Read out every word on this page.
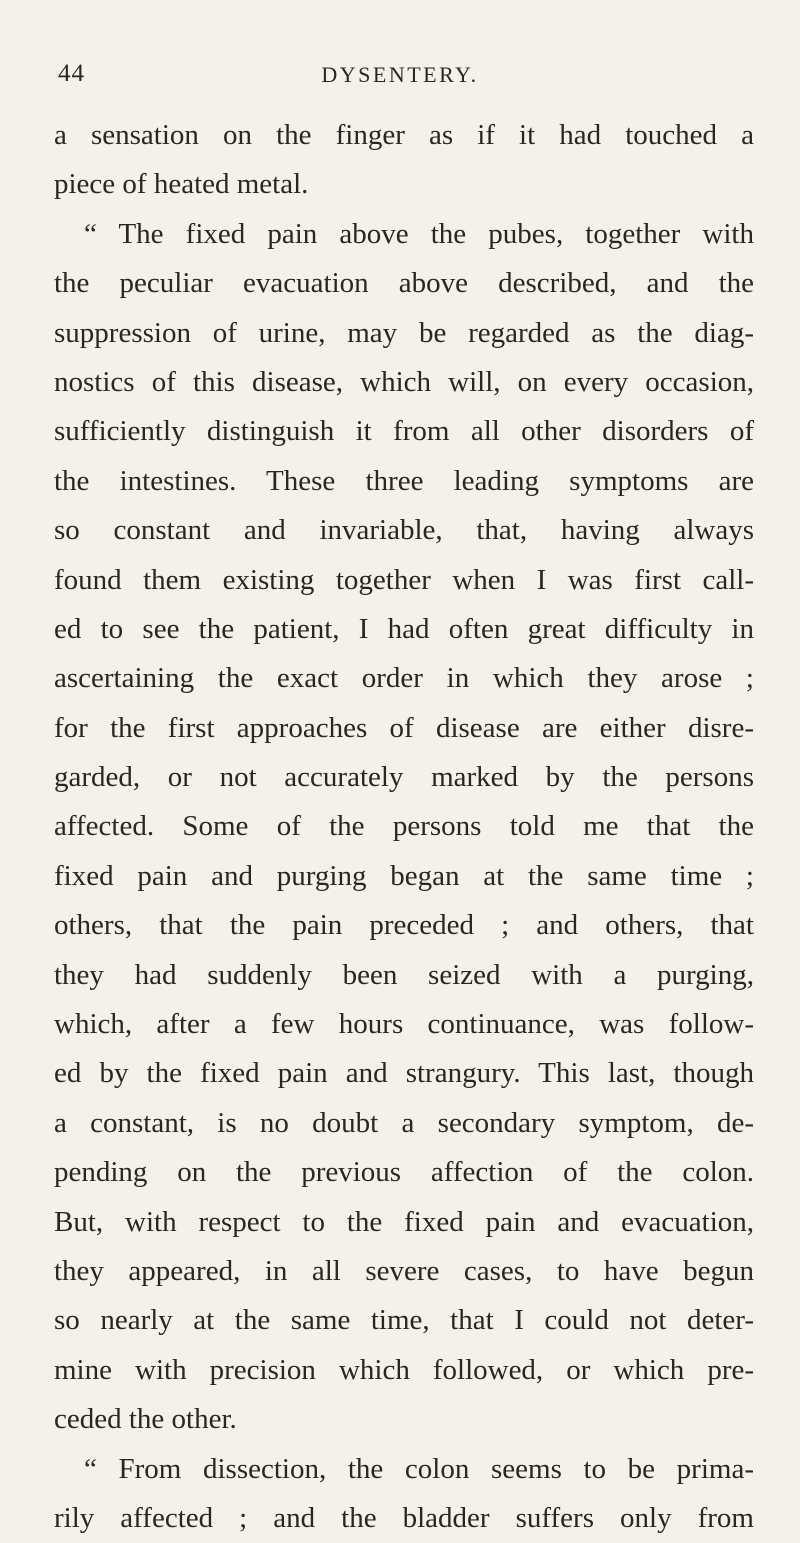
44	DYSENTERY.
a sensation on the finger as if it had touched a
piece of heated metal.
“ The fixed pain above the pubes, together with
the peculiar evacuation above described, and the
suppression of urine, may be regarded as the diag-
nostics of this disease, which will, on every occasion,
sufficiently distinguish it from all other disorders of
the intestines. These three leading symptoms are
so constant and invariable, that, having always
found them existing together when I was first call-
ed to see the patient, I had often great difficulty in
ascertaining the exact order in which they arose ;
for the first approaches of disease are either disre-
garded, or not accurately marked by the persons
affected. Some of the persons told me that the
fixed pain and purging began at the same time ;
others, that the pain preceded ; and others, that
they had suddenly been seized with a purging,
which, after a few hours continuance, was follow-
ed by the fixed pain and strangury. This last, though
a constant, is no doubt a secondary symptom, de-
pending on the previous affection of the colon.
But, with respect to the fixed pain and evacuation,
they appeared, in all severe cases, to have begun
so nearly at the same time, that I could not deter-
mine with precision which followed, or which pre-
ceded the other.
“ From dissection, the colon seems to be prima-
rily affected ; and the bladder suffers only from
